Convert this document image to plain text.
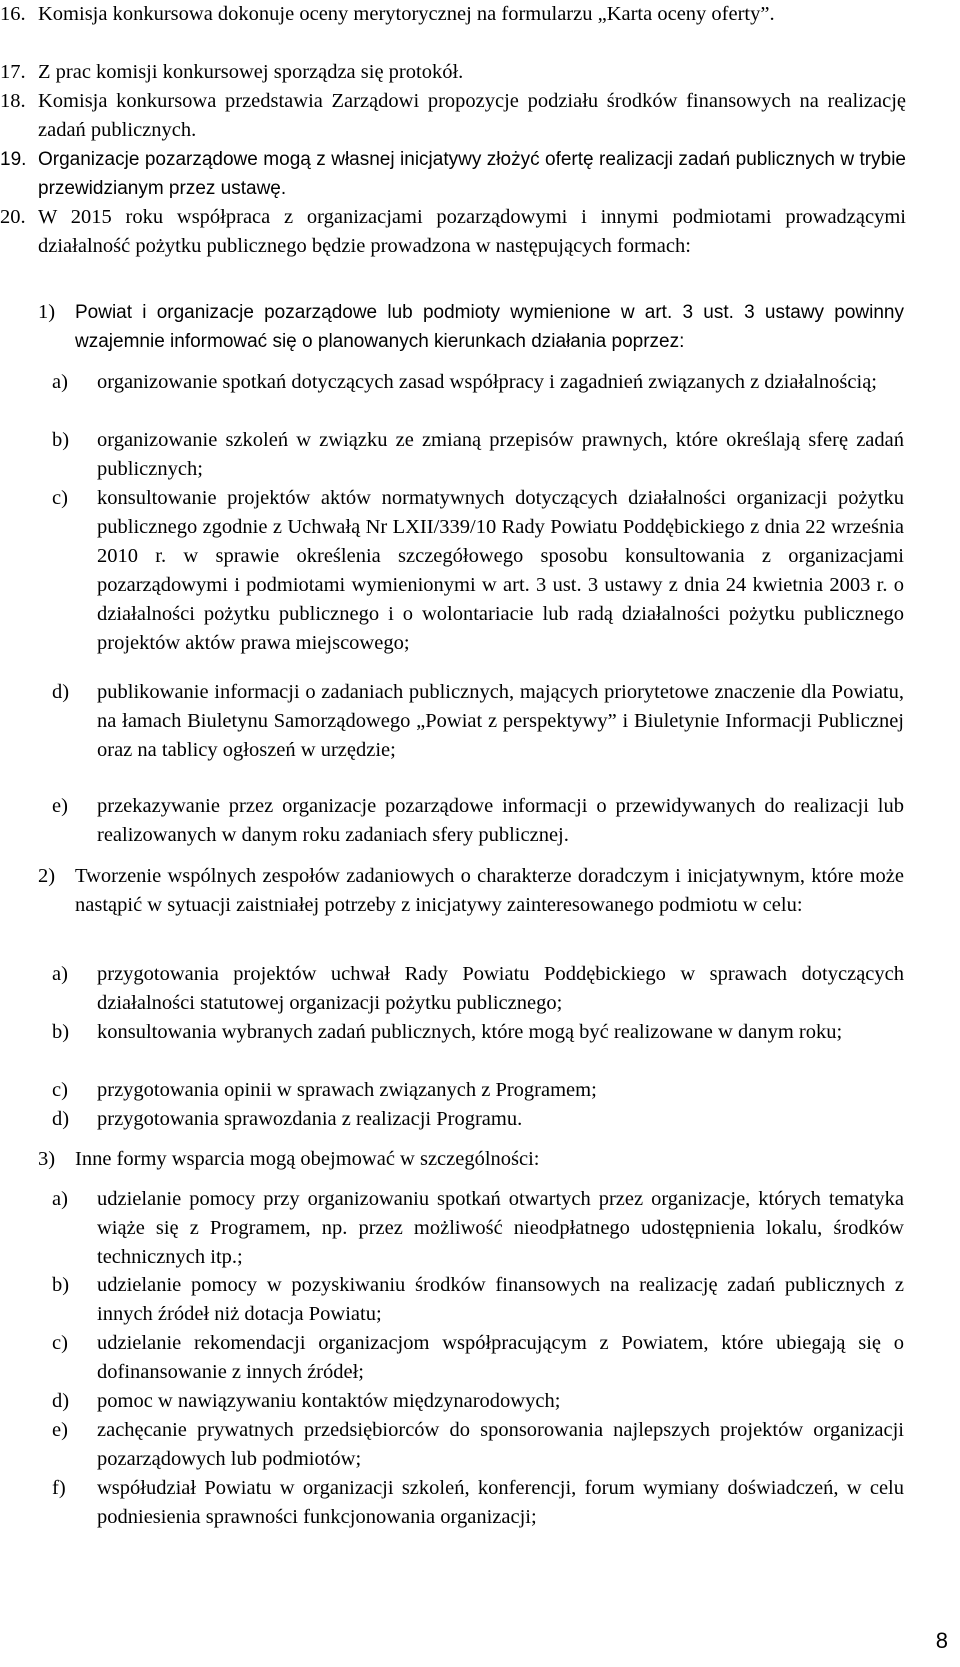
16. Komisja konkursowa dokonuje oceny merytorycznej na formularzu „Karta oceny oferty”.
17. Z prac komisji konkursowej sporządza się protokół.
18. Komisja konkursowa przedstawia Zarządowi propozycje podziału środków finansowych na realizację zadań publicznych.
19. Organizacje pozarządowe mogą z własnej inicjatywy złożyć ofertę realizacji zadań publicznych w trybie przewidzianym przez ustawę.
20. W 2015 roku współpraca z organizacjami pozarządowymi i innymi podmiotami prowadzącymi działalność pożytku publicznego będzie prowadzona w następujących formach:
1)	Powiat i organizacje pozarządowe lub podmioty wymienione w art. 3 ust. 3 ustawy powinny wzajemnie informować się o planowanych kierunkach działania poprzez:
a)	organizowanie spotkań dotyczących zasad współpracy i zagadnień związanych z działalnością;
b)	organizowanie szkoleń w związku ze zmianą przepisów prawnych, które określają sferę zadań publicznych;
c)	konsultowanie projektów aktów normatywnych dotyczących działalności organizacji pożytku publicznego zgodnie z Uchwałą Nr LXII/339/10 Rady Powiatu Poddębickiego z dnia 22 września 2010 r. w sprawie określenia szczegółowego sposobu konsultowania z organizacjami pozarządowymi i podmiotami wymienionymi w art. 3 ust. 3 ustawy z dnia 24 kwietnia 2003 r. o działalności pożytku publicznego i o wolontariacie lub radą działalności pożytku publicznego projektów aktów prawa miejscowego;
d)	publikowanie informacji o zadaniach publicznych, mających priorytetowe znaczenie dla Powiatu, na łamach Biuletynu Samorządowego „Powiat z perspektywy” i Biuletynie Informacji Publicznej oraz na tablicy ogłoszeń w urzędzie;
e)	przekazywanie przez organizacje pozarządowe informacji o przewidywanych do realizacji lub realizowanych w danym roku zadaniach sfery publicznej.
2) Tworzenie wspólnych zespołów zadaniowych o charakterze doradczym i inicjatywnym, które może nastąpić w sytuacji zaistniałej potrzeby z inicjatywy zainteresowanego podmiotu w celu:
a)	przygotowania projektów uchwał Rady Powiatu Poddębickiego w sprawach dotyczących działalności statutowej organizacji pożytku publicznego;
b)	konsultowania wybranych zadań publicznych, które mogą być realizowane w danym roku;
c)	przygotowania opinii w sprawach związanych z Programem;
d)	przygotowania sprawozdania z realizacji Programu.
3) Inne formy wsparcia mogą obejmować w szczególności:
a)	udzielanie pomocy przy organizowaniu spotkań otwartych przez organizacje, których tematyka wiąże się z Programem, np. przez możliwość nieodpłatnego udostępnienia lokalu, środków technicznych itp.;
b)	udzielanie pomocy w pozyskiwaniu środków finansowych na realizację zadań publicznych z innych źródeł niż dotacja Powiatu;
c)	udzielanie rekomendacji organizacjom współpracującym z Powiatem, które ubiegają się o dofinansowanie z innych źródeł;
d)	pomoc w nawiązywaniu kontaktów międzynarodowych;
e)	zachęcanie prywatnych przedsiębiorców do sponsorowania najlepszych projektów organizacji pozarządowych lub podmiotów;
f)	współudział Powiatu w organizacji szkoleń, konferencji, forum wymiany doświadczeń, w celu podniesienia sprawności funkcjonowania organizacji;
8
